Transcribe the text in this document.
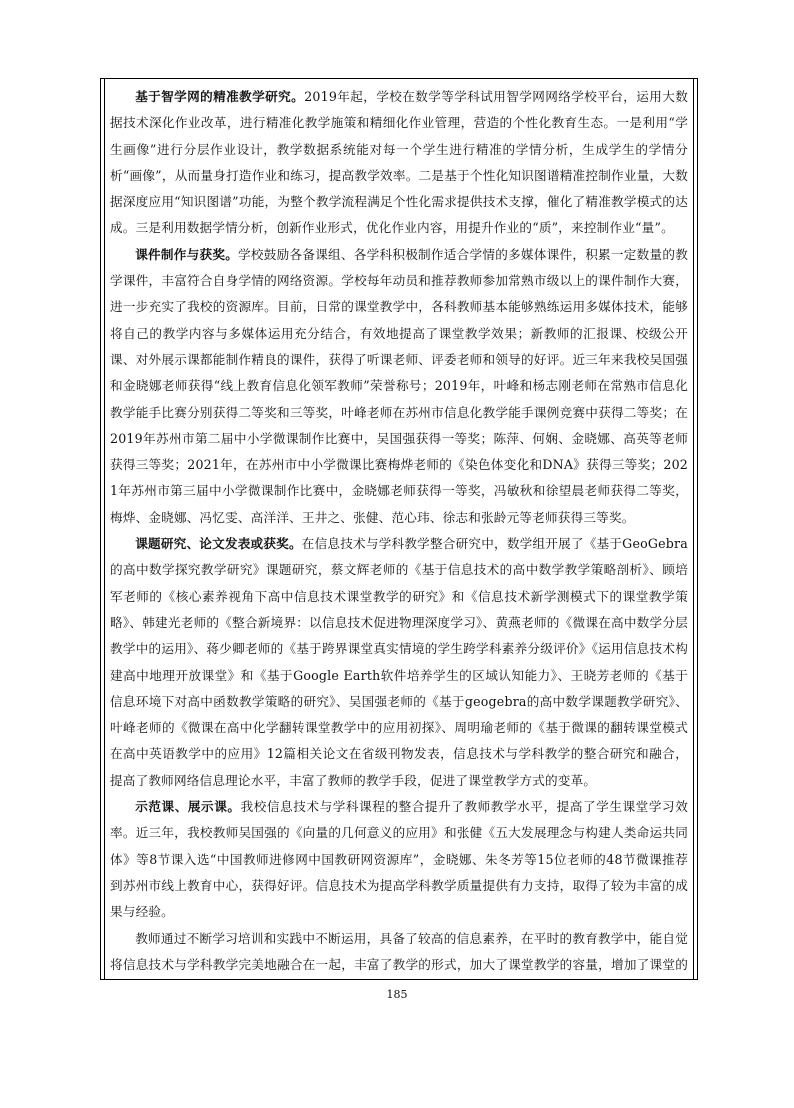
基于智学网的精准教学研究。2019年起，学校在数学等学科试用智学网网络学校平台，运用大数据技术深化作业改革，进行精准化教学施策和精细化作业管理，营造的个性化教育生态。一是利用“学生画像”进行分层作业设计，教学数据系统能对每一个学生进行精准的学情分析，生成学生的学情分析“画像”，从而量身打造作业和练习，提高教学效率。二是基于个性化知识图谱精准控制作业量，大数据深度应用“知识图谱”功能，为整个教学流程满足个性化需求提供技术支撑，催化了精准教学模式的达成。三是利用数据学情分析，创新作业形式，优化作业内容，用提升作业的“质”，来控制作业“量”。

课件制作与获奖。学校鼓励各备课组、各学科积极制作适合学情的多媒体课件，积累一定数量的教学课件，丰富符合自身学情的网络资源。学校每年动员和推荐教师参加常熟市级以上的课件制作大赛，进一步充实了我校的资源库。目前，日常的课堂教学中，各科教师基本能够熟练运用多媒体技术，能够将自己的教学内容与多媒体运用充分结合，有效地提高了课堂教学效果；新教师的汇报课、校级公开课、对外展示课都能制作精良的课件，获得了听课老师、评委老师和领导的好评。近三年来我校吴国强和金晓娜老师获得“线上教育信息化领军教师”荣誉称号；2019年，叶峰和杨志刚老师在常熟市信息化教学能手比赛分别获得二等奖和三等奖，叶峰老师在苏州市信息化教学能手课例竞赛中获得二等奖；在2019年苏州市第二届中小学微课制作比赛中，吴国强获得一等奖；陈萍、何娴、金晓娜、高英等老师获得三等奖；2021年，在苏州市中小学微课比赛梅烨老师的《染色体变化和DNA》获得三等奖；2021年苏州市第三届中小学微课制作比赛中，金晓娜老师获得一等奖，冯敏秋和徐望晨老师获得二等奖，梅烨、金晓娜、冯忆雯、高洋洋、王井之、张健、范心玮、徐志和张龄元等老师获得三等奖。

课题研究、论文发表或获奖。在信息技术与学科教学整合研究中，数学组开展了《基于GeoGebra的高中数学探究教学研究》课题研究，蔡文辉老师的《基于信息技术的高中数学教学策略剖析》、顾培军老师的《核心素养视角下高中信息技术课堂教学的研究》和《信息技术新学测模式下的课堂教学策略》、韩建光老师的《整合新境界：以信息技术促进物理深度学习》、黄燕老师的《微课在高中数学分层教学中的运用》、蒋少卿老师的《基于跨界课堂真实情境的学生跨学科素养分级评价》《运用信息技术构建高中地理开放课堂》和《基于Google Earth软件培养学生的区域认知能力》、王晓芳老师的《基于信息环境下对高中函数教学策略的研究》、吴国强老师的《基于geogebra的高中数学课题教学研究》、叶峰老师的《微课在高中化学翻转课堂教学中的应用初探》、周明瑜老师的《基于微课的翻转课堂模式在高中英语教学中的应用》12篇相关论文在省级刊物发表，信息技术与学科教学的整合研究和融合，提高了教师网络信息理论水平，丰富了教师的教学手段，促进了课堂教学方式的变革。

示范课、展示课。我校信息技术与学科课程的整合提升了教师教学水平，提高了学生课堂学习效率。近三年，我校教师吴国强的《向量的几何意义的应用》和张健《五大发展理念与构建人类命运共同体》等8节课入选“中国教师进修网中国教研网资源库”，金晓娜、朱冬芳等15位老师的48节微课推荐到苏州市线上教育中心，获得好评。信息技术为提高学科教学质量提供有力支持，取得了较为丰富的成果与经验。

教师通过不断学习培训和实践中不断运用，具备了较高的信息素养，在平时的教育教学中，能自觉将信息技术与学科教学完美地融合在一起，丰富了教学的形式，加大了课堂教学的容量，增加了课堂的

185
